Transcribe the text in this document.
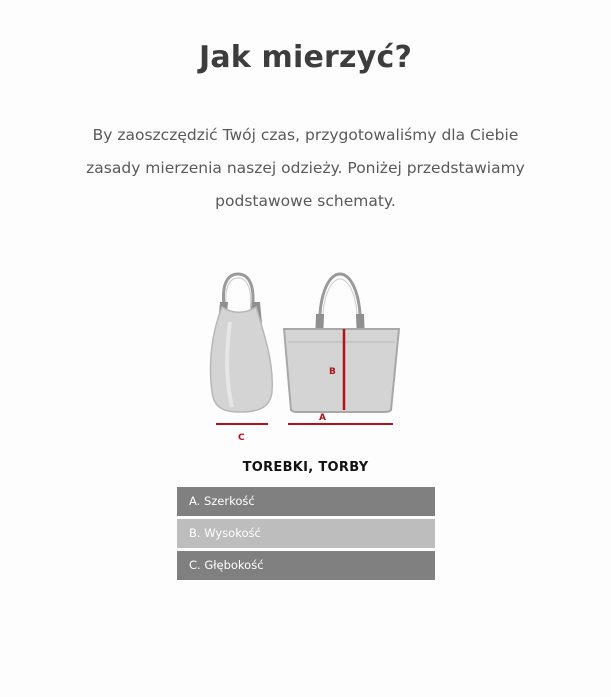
Jak mierzyć?
By zaoszczędzić Twój czas, przygotowaliśmy dla Ciebie
zasady mierzenia naszej odzieży. Poniżej przedstawiamy
podstawowe schematy.
B
A
C
TOREBKI, TORBY
A. Szerkość
B. Wysokość
C. Głębokość
